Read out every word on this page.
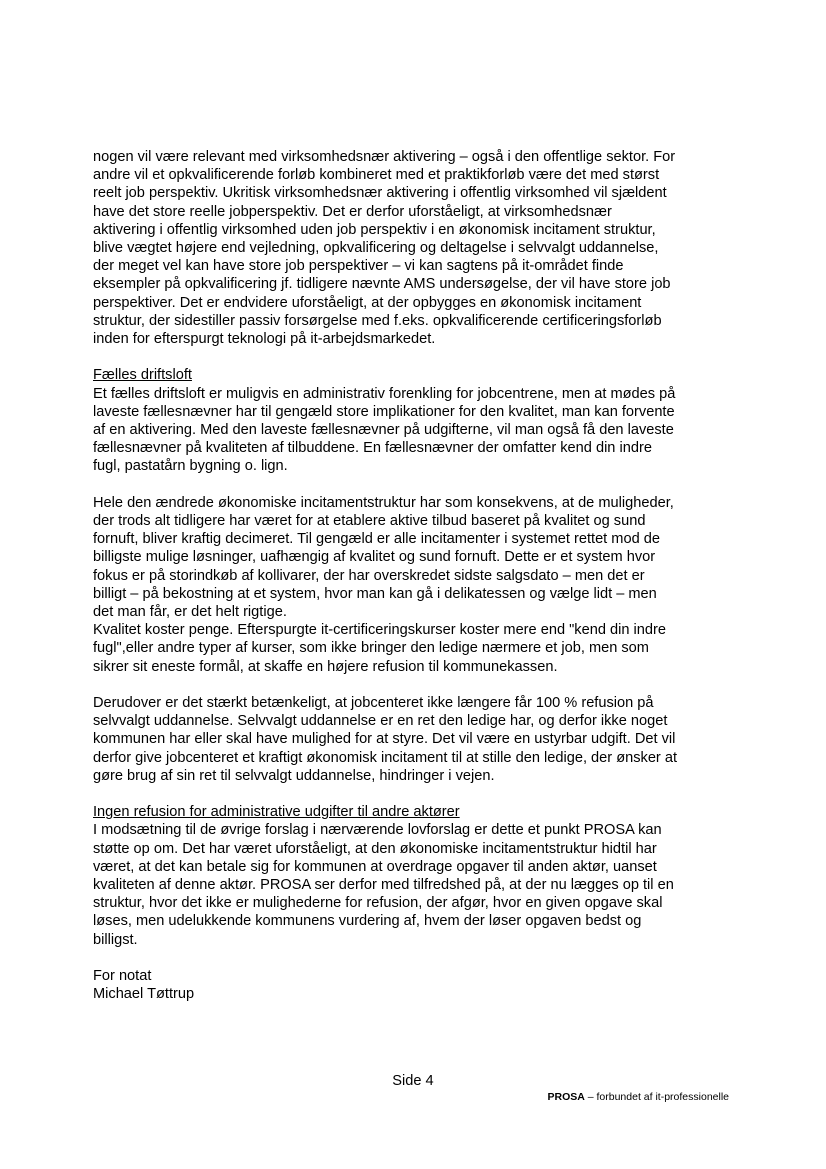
nogen vil være relevant med virksomhedsnær aktivering – også i den offentlige sektor. For
andre vil et opkvalificerende forløb kombineret med et praktikforløb være det med størst
reelt job perspektiv. Ukritisk virksomhedsnær aktivering i offentlig virksomhed vil sjældent
have det store reelle jobperspektiv. Det er derfor uforståeligt, at virksomhedsnær
aktivering i offentlig virksomhed uden job perspektiv i en økonomisk incitament struktur,
blive vægtet højere end vejledning, opkvalificering og deltagelse i selvvalgt uddannelse,
der meget vel kan have store job perspektiver – vi kan sagtens på it-området finde
eksempler på opkvalificering jf. tidligere nævnte AMS undersøgelse, der vil have store job
perspektiver. Det er endvidere uforståeligt, at der opbygges en økonomisk incitament
struktur, der sidestiller passiv forsørgelse med f.eks. opkvalificerende certificeringsforløb
inden for efterspurgt teknologi på it-arbejdsmarkedet.
Fælles driftsloft
Et fælles driftsloft er muligvis en administrativ forenkling for jobcentrene, men at mødes på
laveste fællesnævner har til gengæld store implikationer for den kvalitet, man kan forvente
af en aktivering. Med den laveste fællesnævner på udgifterne, vil man også få den laveste
fællesnævner på kvaliteten af tilbuddene. En fællesnævner der omfatter kend din indre
fugl, pastatårn bygning o. lign.
Hele den ændrede økonomiske incitamentstruktur har som konsekvens, at de muligheder,
der trods alt tidligere har været for at etablere aktive tilbud baseret på kvalitet og sund
fornuft, bliver kraftig decimeret. Til gengæld er alle incitamenter i systemet rettet mod de
billigste mulige løsninger, uafhængig af kvalitet og sund fornuft. Dette er et system hvor
fokus er på storindkøb af kollivarer, der har overskredet sidste salgsdato – men det er
billigt – på bekostning at et system, hvor man kan gå i delikatessen og vælge lidt – men
det man får, er det helt rigtige.
Kvalitet koster penge. Efterspurgte it-certificeringskurser koster mere end "kend din indre
fugl",eller andre typer af kurser, som ikke bringer den ledige nærmere et job, men som
sikrer sit eneste formål, at skaffe en højere refusion til kommunekassen.
Derudover er det stærkt betænkeligt, at jobcenteret ikke længere får 100 % refusion på
selvvalgt uddannelse. Selvvalgt uddannelse er en ret den ledige har, og derfor ikke noget
kommunen har eller skal have mulighed for at styre. Det vil være en ustyrbar udgift. Det vil
derfor give jobcenteret et kraftigt økonomisk incitament til at stille den ledige, der ønsker at
gøre brug af sin ret til selvvalgt uddannelse, hindringer i vejen.
Ingen refusion for administrative udgifter til andre aktører
I modsætning til de øvrige forslag i nærværende lovforslag er dette et punkt PROSA kan
støtte op om. Det har været uforståeligt, at den økonomiske incitamentstruktur hidtil har
været, at det kan betale sig for kommunen at overdrage opgaver til anden aktør, uanset
kvaliteten af denne aktør. PROSA ser derfor med tilfredshed på, at der nu lægges op til en
struktur, hvor det ikke er mulighederne for refusion, der afgør, hvor en given opgave skal
løses, men udelukkende kommunens vurdering af, hvem der løser opgaven bedst og
billigst.
For notat
Michael Tøttrup
Side 4
PROSA – forbundet af it-professionelle
